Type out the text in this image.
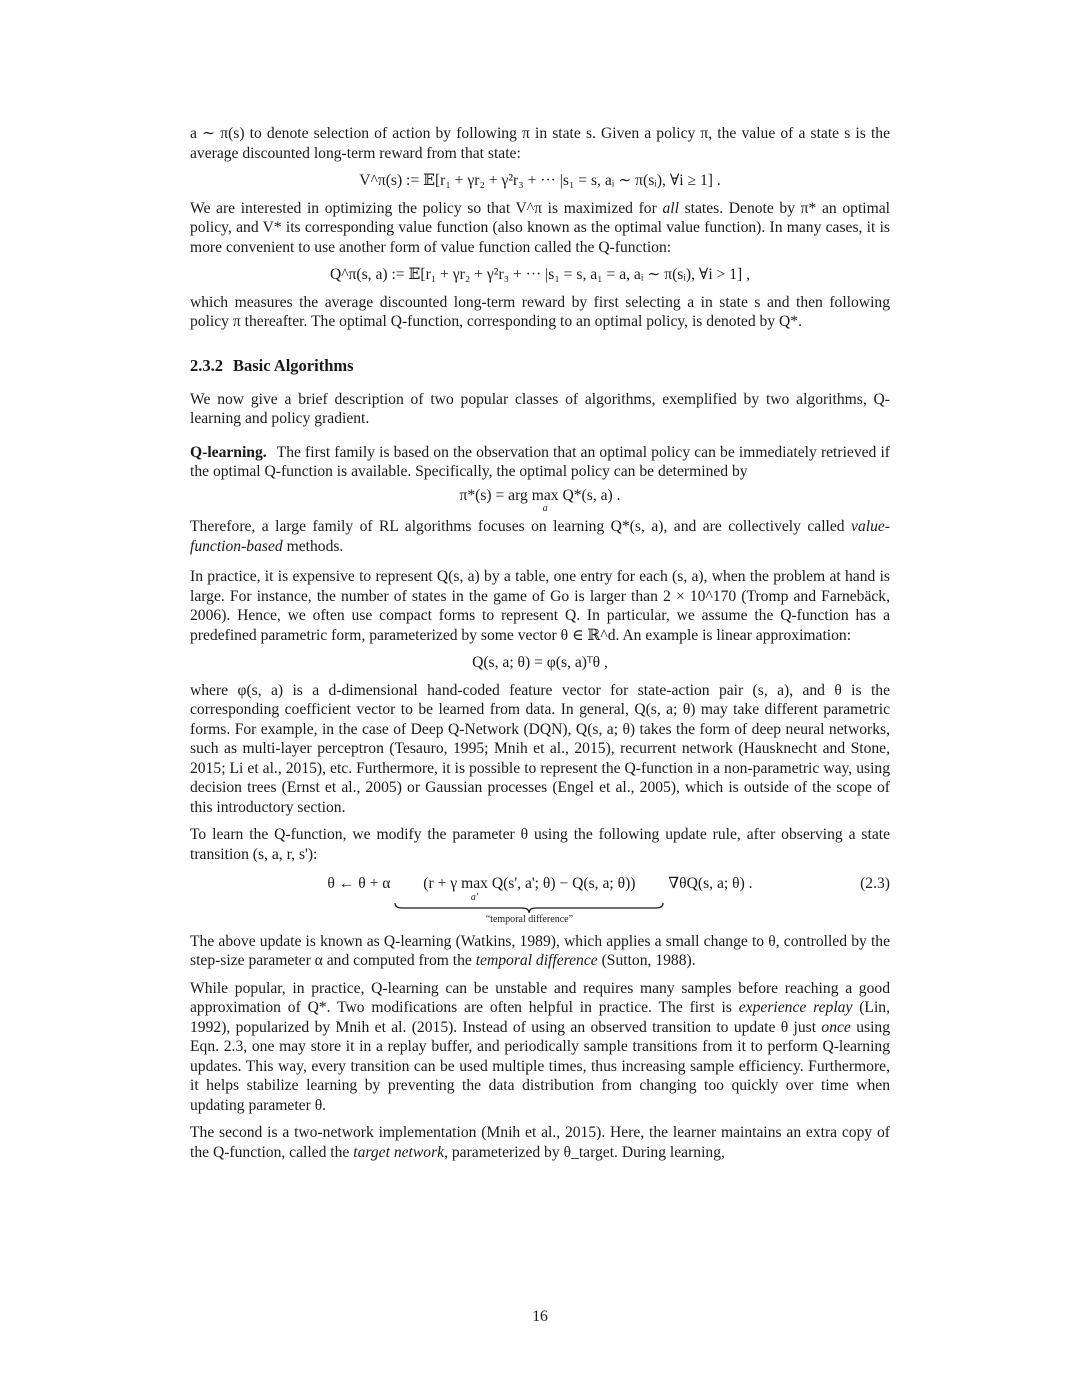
a ∼ π(s) to denote selection of action by following π in state s. Given a policy π, the value of a state s is the average discounted long-term reward from that state:

V^π(s) := 𝔼[r₁ + γr₂ + γ²r₃ + ··· |s₁ = s, aᵢ ∼ π(sᵢ), ∀i ≥ 1] .

We are interested in optimizing the policy so that V^π is maximized for all states. Denote by π* an optimal policy, and V* its corresponding value function (also known as the optimal value function). In many cases, it is more convenient to use another form of value function called the Q-function:

Q^π(s, a) := 𝔼[r₁ + γr₂ + γ²r₃ + ··· |s₁ = s, a₁ = a, aᵢ ∼ π(sᵢ), ∀i > 1] ,

which measures the average discounted long-term reward by first selecting a in state s and then following policy π thereafter. The optimal Q-function, corresponding to an optimal policy, is denoted by Q*.

2.3.2 Basic Algorithms

We now give a brief description of two popular classes of algorithms, exemplified by two algorithms, Q-learning and policy gradient.

Q-learning. The first family is based on the observation that an optimal policy can be immediately retrieved if the optimal Q-function is available. Specifically, the optimal policy can be determined by

π*(s) = arg max
a
Q*(s, a) .

Therefore, a large family of RL algorithms focuses on learning Q*(s, a), and are collectively called value-function-based methods.

In practice, it is expensive to represent Q(s, a) by a table, one entry for each (s, a), when the problem at hand is large. For instance, the number of states in the game of Go is larger than 2 × 10^170 (Tromp and Farnebäck, 2006). Hence, we often use compact forms to represent Q. In particular, we assume the Q-function has a predefined parametric form, parameterized by some vector θ ∈ ℝ^d. An example is linear approximation:

Q(s, a; θ) = φ(s, a)ᵀθ ,

where φ(s, a) is a d-dimensional hand-coded feature vector for state-action pair (s, a), and θ is the corresponding coefficient vector to be learned from data. In general, Q(s, a; θ) may take different parametric forms. For example, in the case of Deep Q-Network (DQN), Q(s, a; θ) takes the form of deep neural networks, such as multi-layer perceptron (Tesauro, 1995; Mnih et al., 2015), recurrent network (Hausknecht and Stone, 2015; Li et al., 2015), etc. Furthermore, it is possible to represent the Q-function in a non-parametric way, using decision trees (Ernst et al., 2005) or Gaussian processes (Engel et al., 2005), which is outside of the scope of this introductory section.

To learn the Q-function, we modify the parameter θ using the following update rule, after observing a state transition (s, a, r, s'):

θ ← θ + α (r + γ max
a'
Q(s', a'; θ) − Q(s, a; θ))
“temporal difference”
∇θQ(s, a; θ) .	(2.3)

The above update is known as Q-learning (Watkins, 1989), which applies a small change to θ, controlled by the step-size parameter α and computed from the temporal difference (Sutton, 1988).

While popular, in practice, Q-learning can be unstable and requires many samples before reaching a good approximation of Q*. Two modifications are often helpful in practice. The first is experience replay (Lin, 1992), popularized by Mnih et al. (2015). Instead of using an observed transition to update θ just once using Eqn. 2.3, one may store it in a replay buffer, and periodically sample transitions from it to perform Q-learning updates. This way, every transition can be used multiple times, thus increasing sample efficiency. Furthermore, it helps stabilize learning by preventing the data distribution from changing too quickly over time when updating parameter θ.

The second is a two-network implementation (Mnih et al., 2015). Here, the learner maintains an extra copy of the Q-function, called the target network, parameterized by θ_target. During learning,

16
